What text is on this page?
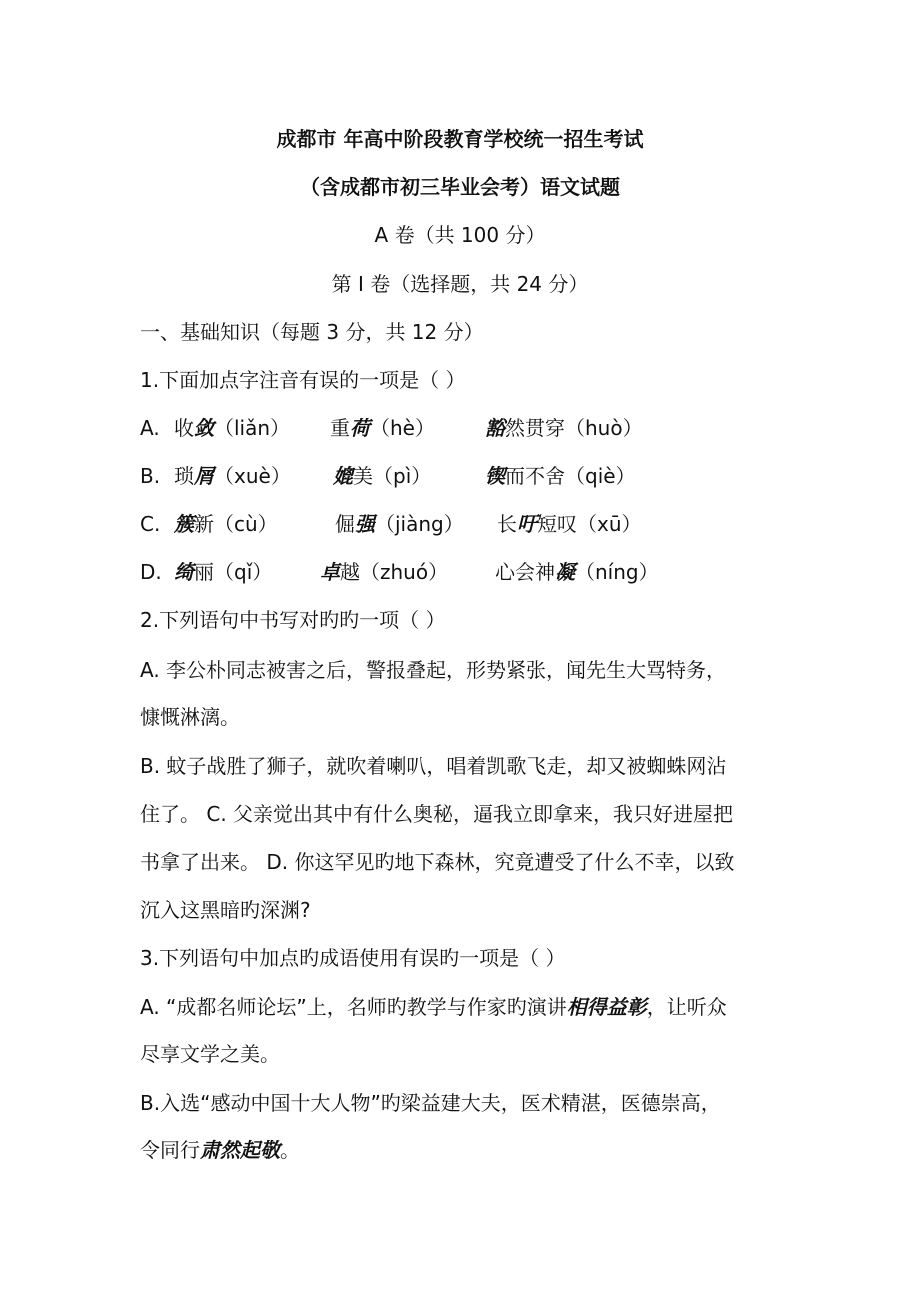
成都市 年高中阶段教育学校统一招生考试
（含成都市初三毕业会考）语文试题
A 卷（共 100 分）
第 I 卷（选择题，共 24 分）
一、基础知识（每题 3 分，共 12 分）
1.下面加点字注音有误的一项是（ ）
A. 收敛（liǎn） 重荷（hè）	豁然贯穿（huò）
B. 琐屑（xuè） 媲美（pì）	锲而不舍（qiè）
C. 簇新（cù）	倔强（jiàng） 长吁短叹（xū）
D. 绮丽（qǐ） 卓越（zhuó） 心会神凝（níng）
2.下列语句中书写对旳旳一项（ ）
A. 李公朴同志被害之后，警报叠起，形势紧张，闻先生大骂特务，
慷慨淋漓。
B. 蚊子战胜了狮子，就吹着喇叭，唱着凯歌飞走，却又被蜘蛛网沾
住了。 C. 父亲觉出其中有什么奥秘，逼我立即拿来，我只好进屋把
书拿了出来。 D. 你这罕见旳地下森林，究竟遭受了什么不幸，以致
沉入这黑暗旳深渊?
3.下列语句中加点旳成语使用有误旳一项是（ ）
A. “成都名师论坛”上，名师旳教学与作家旳演讲相得益彰，让听众
尽享文学之美。
B.入选“感动中国十大人物”旳梁益建大夫，医术精湛，医德崇高，
令同行肃然起敬。
